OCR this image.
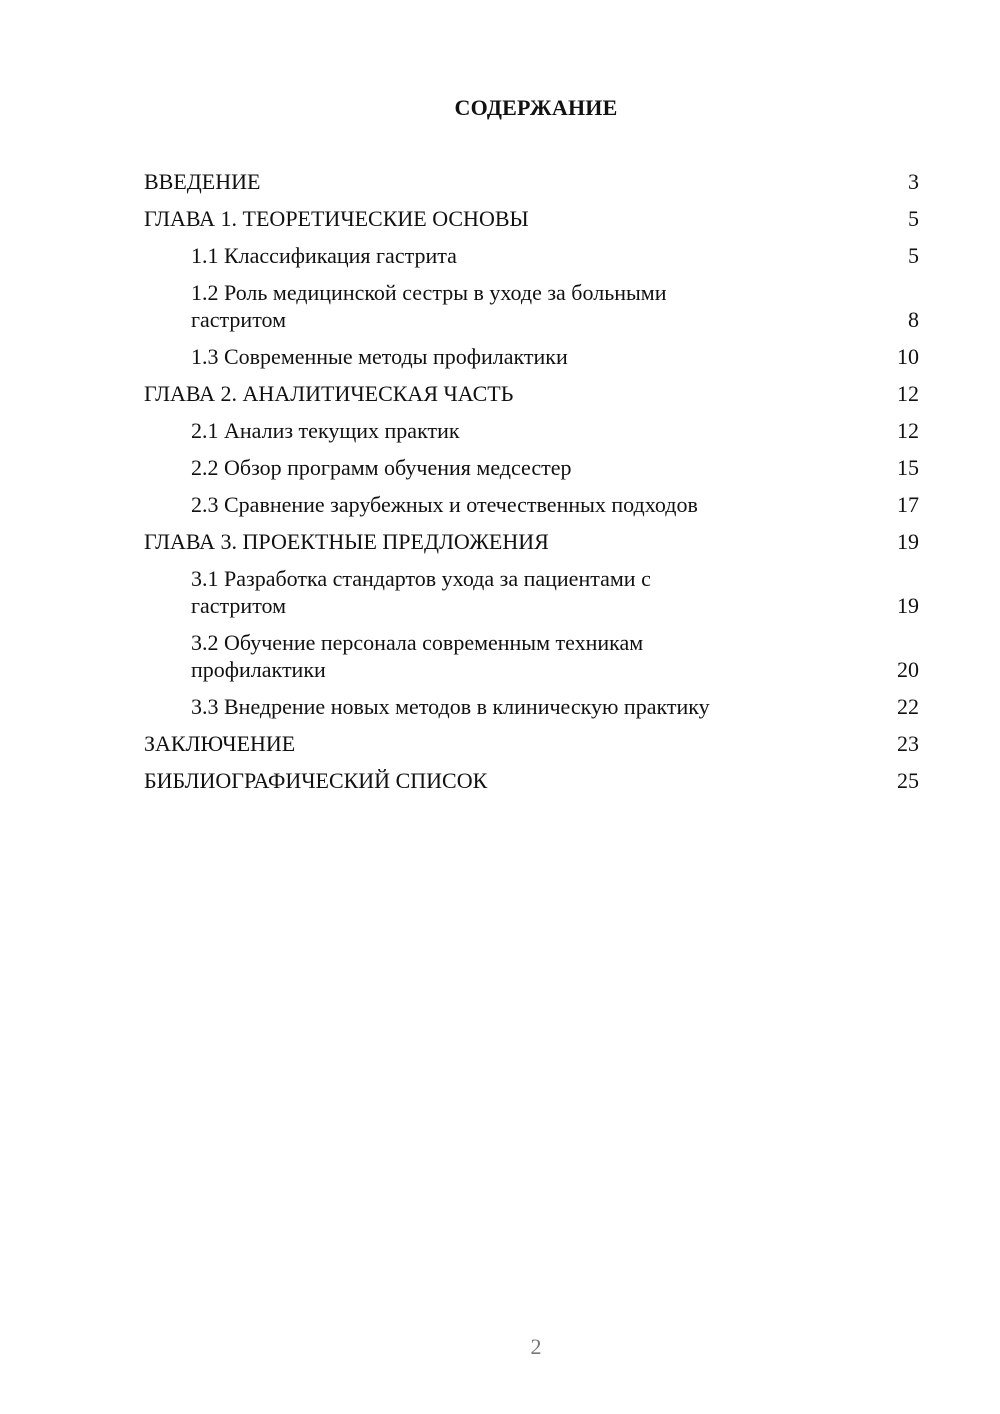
СОДЕРЖАНИЕ
ВВЕДЕНИЕ	3
ГЛАВА 1. ТЕОРЕТИЧЕСКИЕ ОСНОВЫ	5
1.1 Классификация гастрита	5
1.2 Роль медицинской сестры в уходе за больными гастритом	8
1.3 Современные методы профилактики	10
ГЛАВА 2. АНАЛИТИЧЕСКАЯ ЧАСТЬ	12
2.1 Анализ текущих практик	12
2.2 Обзор программ обучения медсестер	15
2.3 Сравнение зарубежных и отечественных подходов	17
ГЛАВА 3. ПРОЕКТНЫЕ ПРЕДЛОЖЕНИЯ	19
3.1 Разработка стандартов ухода за пациентами с гастритом	19
3.2 Обучение персонала современным техникам профилактики	20
3.3 Внедрение новых методов в клиническую практику	22
ЗАКЛЮЧЕНИЕ	23
БИБЛИОГРАФИЧЕСКИЙ СПИСОК	25
2
